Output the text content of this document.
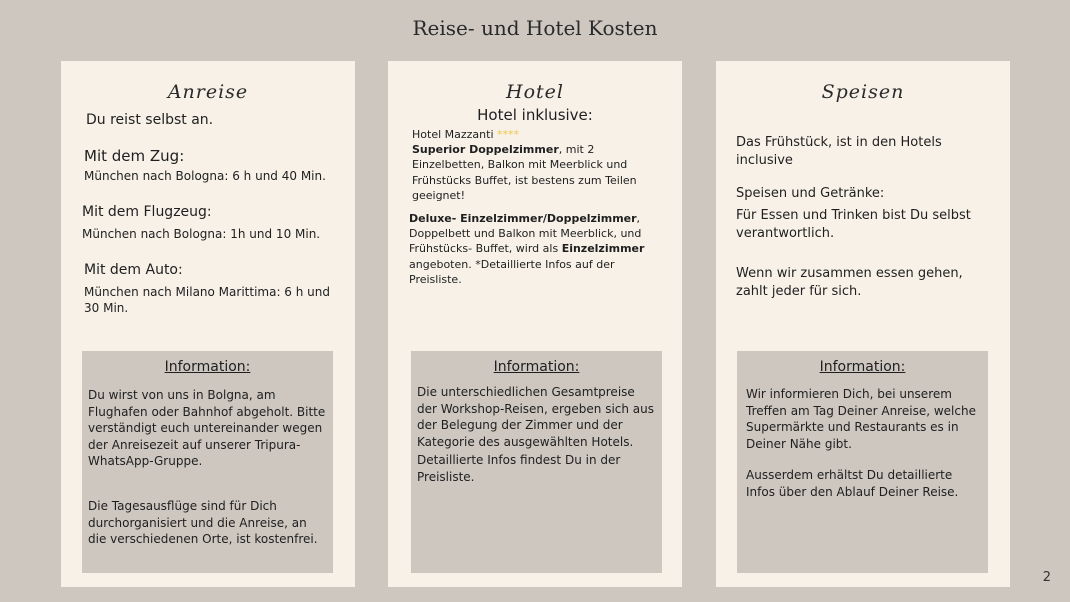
Reise- und Hotel Kosten
Anreise

Du reist selbst an.

Mit dem Zug:

München nach Bologna: 6 h und 40 Min.

Mit dem Flugzeug:

München nach Bologna: 1h und 10 Min.

Mit dem Auto:

München nach Milano Marittima: 6 h und 30 Min.

Information:

Du wirst von uns in Bolgna, am Flughafen oder Bahnhof abgeholt. Bitte verständigt euch untereinander wegen der Anreisezeit auf unserer Tripura-WhatsApp-Gruppe.

Die Tagesausflüge sind für Dich durchorganisiert und die Anreise, an die verschiedenen Orte, ist kostenfrei.

Hotel

Hotel inklusive:

Hotel Mazzanti ****
Superior Doppelzimmer, mit 2 Einzelbetten, Balkon mit Meerblick und Frühstücks Buffet, ist bestens zum Teilen geeignet!

Deluxe- Einzelzimmer/Doppelzimmer, Doppelbett und Balkon mit Meerblick, und Frühstücks- Buffet, wird als Einzelzimmer angeboten. *Detaillierte Infos auf der Preisliste.

Information:

Die unterschiedlichen Gesamtpreise der Workshop-Reisen, ergeben sich aus der Belegung der Zimmer und der Kategorie des ausgewählten Hotels.

Detaillierte Infos findest Du in der Preisliste.

Speisen

Das Frühstück, ist in den Hotels inclusive

Speisen und Getränke:

Für Essen und Trinken bist Du selbst verantwortlich.

Wenn wir zusammen essen gehen, zahlt jeder für sich.

Information:

Wir informieren Dich, bei unserem Treffen am Tag Deiner Anreise, welche Supermärkte und Restaurants es in Deiner Nähe gibt.

Ausserdem erhältst Du detaillierte Infos über den Ablauf Deiner Reise.

2
